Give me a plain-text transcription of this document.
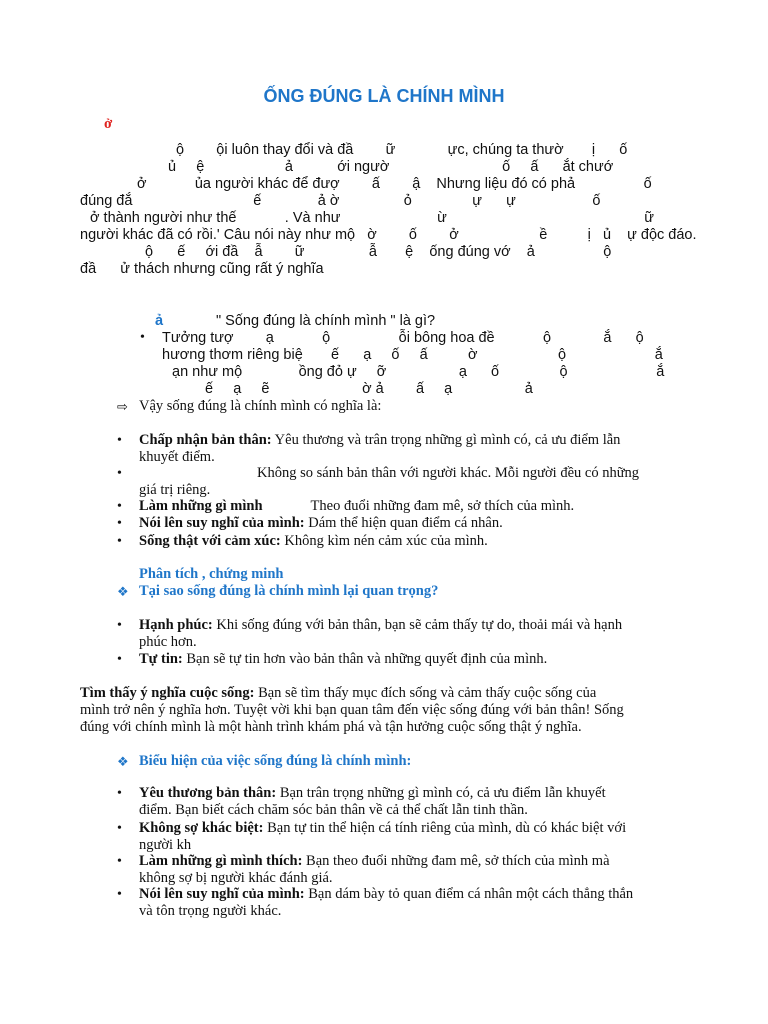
ỐNG ĐÚNG LÀ CHÍNH MÌNH
ở
ộ        ội luôn thay đổi và đầ        ữ             ực, chúng ta thườ       ị      ố
ủ     ệ                    ả           ới ngườ                            ố     ấ      ắt chướ
ở            ủa người khác để đượ        ấ        ậ    Nhưng liệu đó có phả                 ố
đúng đắ                              ế              ả ờ                ỏ               ự      ự                   ố
ở thành người như thế            . Và như                        ừ                                                 ữ
người khác đã có rồi.' Câu nói này như mộ   ờ        ố        ở                    ề          ị   ủ    ự độc đáo.
ộ      ế     ới đầ    ẫ        ữ                ẫ       ệ    ống đúng vớ    ả                 ộ
đầ      ử thách nhưng cũng rất ý nghĩa
ả	" Sống đúng là chính mình " là gì?
• Tưởng tượ        ạ            ộ                 ỗi bông hoa đề            ộ             ắ      ộ
hương thơm riêng biệ       ế      ạ     ố     ấ          ờ                    ộ                      ắ
ạn như mộ              ồng đỏ ự     ỡ                  ạ      ố               ộ                      ắ
ế     ạ     ẽ                       ờ ả        ấ     ạ                  ả
⇨ Vậy sống đúng là chính mình có nghĩa là:
• Chấp nhận bản thân: Yêu thương và trân trọng những gì mình có, cả ưu điểm lẫn
khuyết điểm.
•	Không so sánh bản thân với người khác. Mỗi người đều có những
giá trị riêng.
• Làm những gì mình	Theo đuổi những đam mê, sở thích của mình.
• Nói lên suy nghĩ của mình: Dám thể hiện quan điểm cá nhân.
• Sống thật với cảm xúc: Không kìm nén cảm xúc của mình.
Phân tích , chứng minh
❖ Tại sao sống đúng là chính mình lại quan trọng?
• Hạnh phúc: Khi sống đúng với bản thân, bạn sẽ cảm thấy tự do, thoải mái và hạnh
phúc hơn.
• Tự tin: Bạn sẽ tự tin hơn vào bản thân và những quyết định của mình.
Tìm thấy ý nghĩa cuộc sống: Bạn sẽ tìm thấy mục đích sống và cảm thấy cuộc sống của
mình trở nên ý nghĩa hơn. Tuyệt vời khi bạn quan tâm đến việc sống đúng với bản thân! Sống
đúng với chính mình là một hành trình khám phá và tận hưởng cuộc sống thật ý nghĩa.
❖ Biểu hiện của việc sống đúng là chính mình:
• Yêu thương bản thân: Bạn trân trọng những gì mình có, cả ưu điểm lẫn khuyết
điểm. Bạn biết cách chăm sóc bản thân về cả thể chất lẫn tinh thần.
• Không sợ khác biệt: Bạn tự tin thể hiện cá tính riêng của mình, dù có khác biệt với
người kh
• Làm những gì mình thích: Bạn theo đuổi những đam mê, sở thích của mình mà
không sợ bị người khác đánh giá.
• Nói lên suy nghĩ của mình: Bạn dám bày tỏ quan điểm cá nhân một cách thẳng thắn
và tôn trọng người khác.
